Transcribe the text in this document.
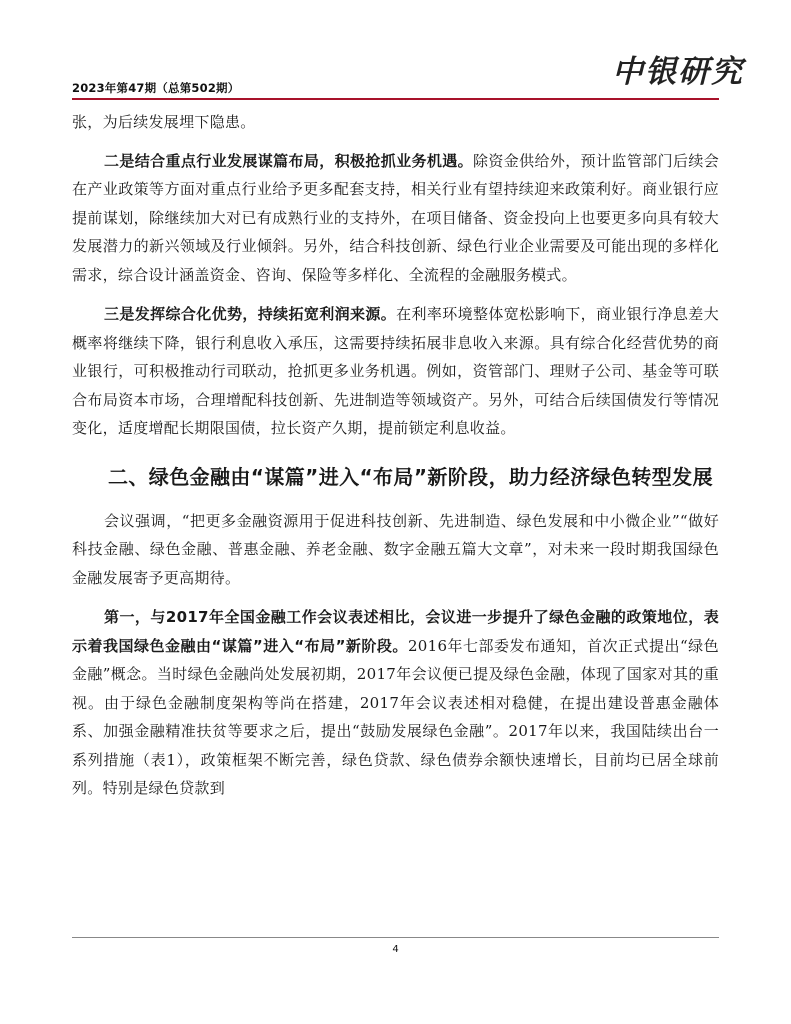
2023年第47期（总第502期）	中银研究

张，为后续发展埋下隐患。

二是结合重点行业发展谋篇布局，积极抢抓业务机遇。除资金供给外，预计监管部门后续会在产业政策等方面对重点行业给予更多配套支持，相关行业有望持续迎来政策利好。商业银行应提前谋划，除继续加大对已有成熟行业的支持外，在项目储备、资金投向上也要更多向具有较大发展潜力的新兴领域及行业倾斜。另外，结合科技创新、绿色行业企业需要及可能出现的多样化需求，综合设计涵盖资金、咨询、保险等多样化、全流程的金融服务模式。

三是发挥综合化优势，持续拓宽利润来源。在利率环境整体宽松影响下，商业银行净息差大概率将继续下降，银行利息收入承压，这需要持续拓展非息收入来源。具有综合化经营优势的商业银行，可积极推动行司联动，抢抓更多业务机遇。例如，资管部门、理财子公司、基金等可联合布局资本市场，合理增配科技创新、先进制造等领域资产。另外，可结合后续国债发行等情况变化，适度增配长期限国债，拉长资产久期，提前锁定利息收益。

二、绿色金融由“谋篇”进入“布局”新阶段，助力经济绿色转型发展

会议强调，“把更多金融资源用于促进科技创新、先进制造、绿色发展和中小微企业”“做好科技金融、绿色金融、普惠金融、养老金融、数字金融五篇大文章”，对未来一段时期我国绿色金融发展寄予更高期待。

第一，与2017年全国金融工作会议表述相比，会议进一步提升了绿色金融的政策地位，表示着我国绿色金融由“谋篇”进入“布局”新阶段。2016年七部委发布通知，首次正式提出“绿色金融”概念。当时绿色金融尚处发展初期，2017年会议便已提及绿色金融，体现了国家对其的重视。由于绿色金融制度架构等尚在搭建，2017年会议表述相对稳健，在提出建设普惠金融体系、加强金融精准扶贫等要求之后，提出“鼓励发展绿色金融”。2017年以来，我国陆续出台一系列措施（表1），政策框架不断完善，绿色贷款、绿色债券余额快速增长，目前均已居全球前列。特别是绿色贷款到

4
